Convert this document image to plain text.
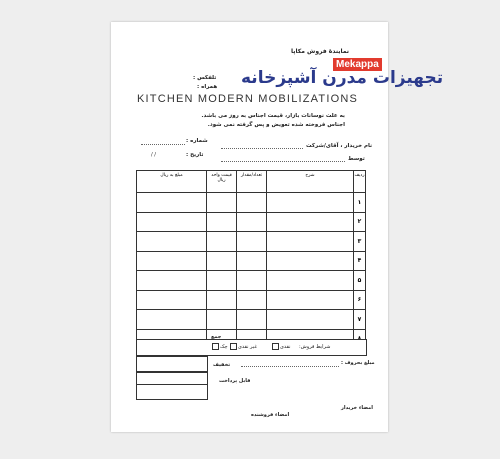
نمایندهٔ فروش مکاپا
Mekappa
تجهیزات مدرن آشپزخانه
KITCHEN MODERN MOBILIZATIONS
تلفکس :
همراه :
به علت نوسانات بازار، قیمت اجناس به روز می باشد.
اجناس فروخته شده تعویض و پس گرفته نمی شود.
شماره :
تاریخ :
/ /
نام خریدار ، آقای/شرکت
توسط
ردیف	شرح	تعداد/مقدار	قیمت واحد ریال	مبلغ به ریال
۱				
۲				
۳				
۴				
۵				
۶				
۷				

شرایط فروش:
نقدی
غیر نقدی
چک
جمع
تخفیف
قابل پرداخت
مبلغ بحروف :
امضاء خریدار
امضاء فروشنده
